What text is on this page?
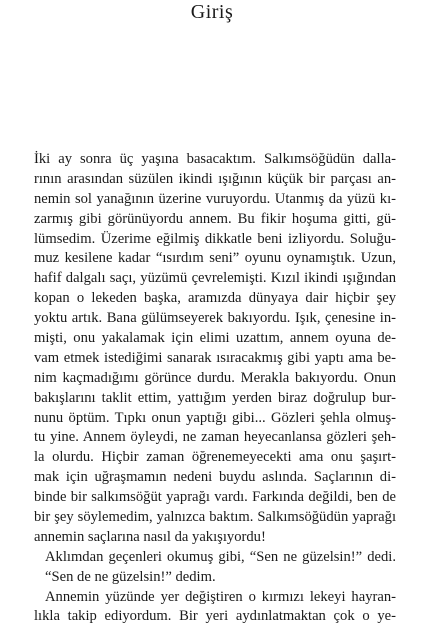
Giriş
İki ay sonra üç yaşına basacaktım. Salkımsöğüdün dalla-
rının arasından süzülen ikindi ışığının küçük bir parçası an-
nemin sol yanağının üzerine vuruyordu. Utanmış da yüzü kı-
zarmış gibi görünüyordu annem. Bu fikir hoşuma gitti, gü-
lümsedim. Üzerime eğilmiş dikkatle beni izliyordu. Soluğu-
muz kesilene kadar “ısırdım seni” oyunu oynamıştık. Uzun,
hafif dalgalı saçı, yüzümü çevrelemişti. Kızıl ikindi ışığından
kopan o lekeden başka, aramızda dünyaya dair hiçbir şey
yoktu artık. Bana gülümseyerek bakıyordu. Işık, çenesine in-
mişti, onu yakalamak için elimi uzattım, annem oyuna de-
vam etmek istediğimi sanarak ısıracakmış gibi yaptı ama be-
nim kaçmadığımı görünce durdu. Merakla bakıyordu. Onun
bakışlarını taklit ettim, yattığım yerden biraz doğrulup bur-
nunu öptüm. Tıpkı onun yaptığı gibi... Gözleri şehla olmuş-
tu yine. Annem öyleydi, ne zaman heyecanlansa gözleri şeh-
la olurdu. Hiçbir zaman öğrenemeyecekti ama onu şaşırt-
mak için uğraşmamın nedeni buydu aslında. Saçlarının di-
binde bir salkımsöğüt yaprağı vardı. Farkında değildi, ben de
bir şey söylemedim, yalnızca baktım. Salkımsöğüdün yaprağı
annemin saçlarına nasıl da yakışıyordu!
Aklımdan geçenleri okumuş gibi, “Sen ne güzelsin!” dedi.
“Sen de ne güzelsin!” dedim.
Annemin yüzünde yer değiştiren o kırmızı lekeyi hayran-
lıkla takip ediyordum. Bir yeri aydınlatmaktan çok o ye-
